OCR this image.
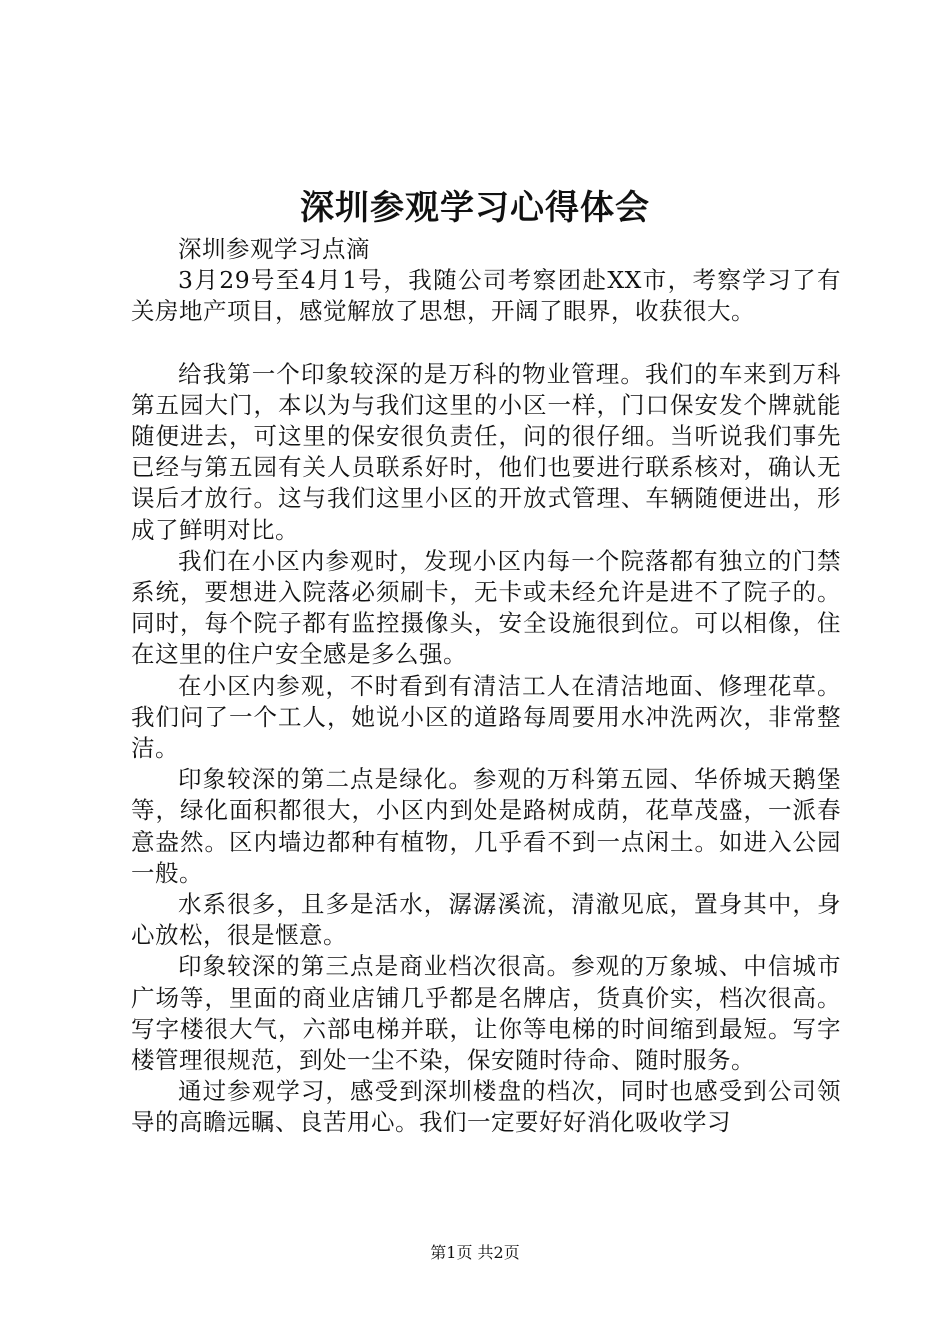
深圳参观学习心得体会

深圳参观学习点滴

3月29号至4月1号，我随公司考察团赴XX市，考察学习了有关房地产项目，感觉解放了思想，开阔了眼界，收获很大。

给我第一个印象较深的是万科的物业管理。我们的车来到万科第五园大门，本以为与我们这里的小区一样，门口保安发个牌就能随便进去，可这里的保安很负责任，问的很仔细。当听说我们事先已经与第五园有关人员联系好时，他们也要进行联系核对，确认无误后才放行。这与我们这里小区的开放式管理、车辆随便进出，形成了鲜明对比。

我们在小区内参观时，发现小区内每一个院落都有独立的门禁系统，要想进入院落必须刷卡，无卡或未经允许是进不了院子的。同时，每个院子都有监控摄像头，安全设施很到位。可以相像，住在这里的住户安全感是多么强。

在小区内参观，不时看到有清洁工人在清洁地面、修理花草。我们问了一个工人，她说小区的道路每周要用水冲洗两次，非常整洁。

印象较深的第二点是绿化。参观的万科第五园、华侨城天鹅堡等，绿化面积都很大，小区内到处是路树成荫，花草茂盛，一派春意盎然。区内墙边都种有植物，几乎看不到一点闲土。如进入公园一般。

水系很多，且多是活水，潺潺溪流，清澈见底，置身其中，身心放松，很是惬意。

印象较深的第三点是商业档次很高。参观的万象城、中信城市广场等，里面的商业店铺几乎都是名牌店，货真价实，档次很高。写字楼很大气，六部电梯并联，让你等电梯的时间缩到最短。写字楼管理很规范，到处一尘不染，保安随时待命、随时服务。

通过参观学习，感受到深圳楼盘的档次，同时也感受到公司领导的高瞻远瞩、良苦用心。我们一定要好好消化吸收学习

第1页 共2页
